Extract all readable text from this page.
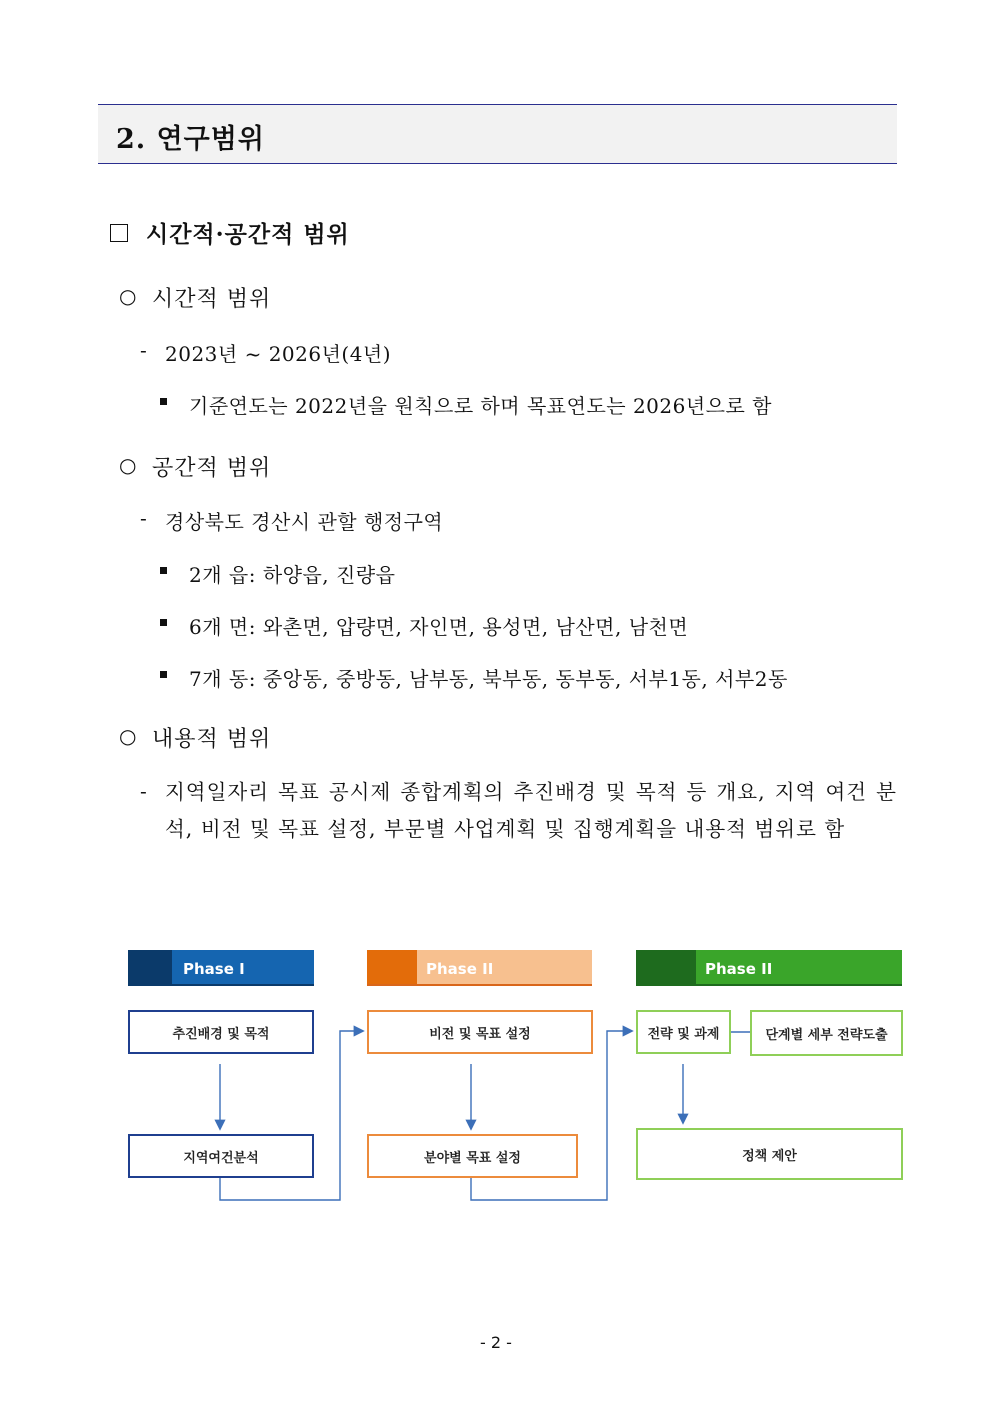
2. 연구범위
시간적·공간적 범위
○ 시간적 범위
- 2023년 ~ 2026년(4년)
기준연도는 2022년을 원칙으로 하며 목표연도는 2026년으로 함
○ 공간적 범위
- 경상북도 경산시 관할 행정구역
2개 읍: 하양읍, 진량읍
6개 면: 와촌면, 압량면, 자인면, 용성면, 남산면, 남천면
7개 동: 중앙동, 중방동, 남부동, 북부동, 동부동, 서부1동, 서부2동
○ 내용적 범위
- 지역일자리 목표 공시제 종합계획의 추진배경 및 목적 등 개요, 지역 여건 분석, 비전 및 목표 설정, 부문별 사업계획 및 집행계획을 내용적 범위로 함
Phase I	Phase II	Phase II
추진배경 및 목적
지역여건분석
비전 및 목표 설정
분야별 목표 설정
전략 및 과제	단계별 세부 전략도출
정책 제안
- 2 -
